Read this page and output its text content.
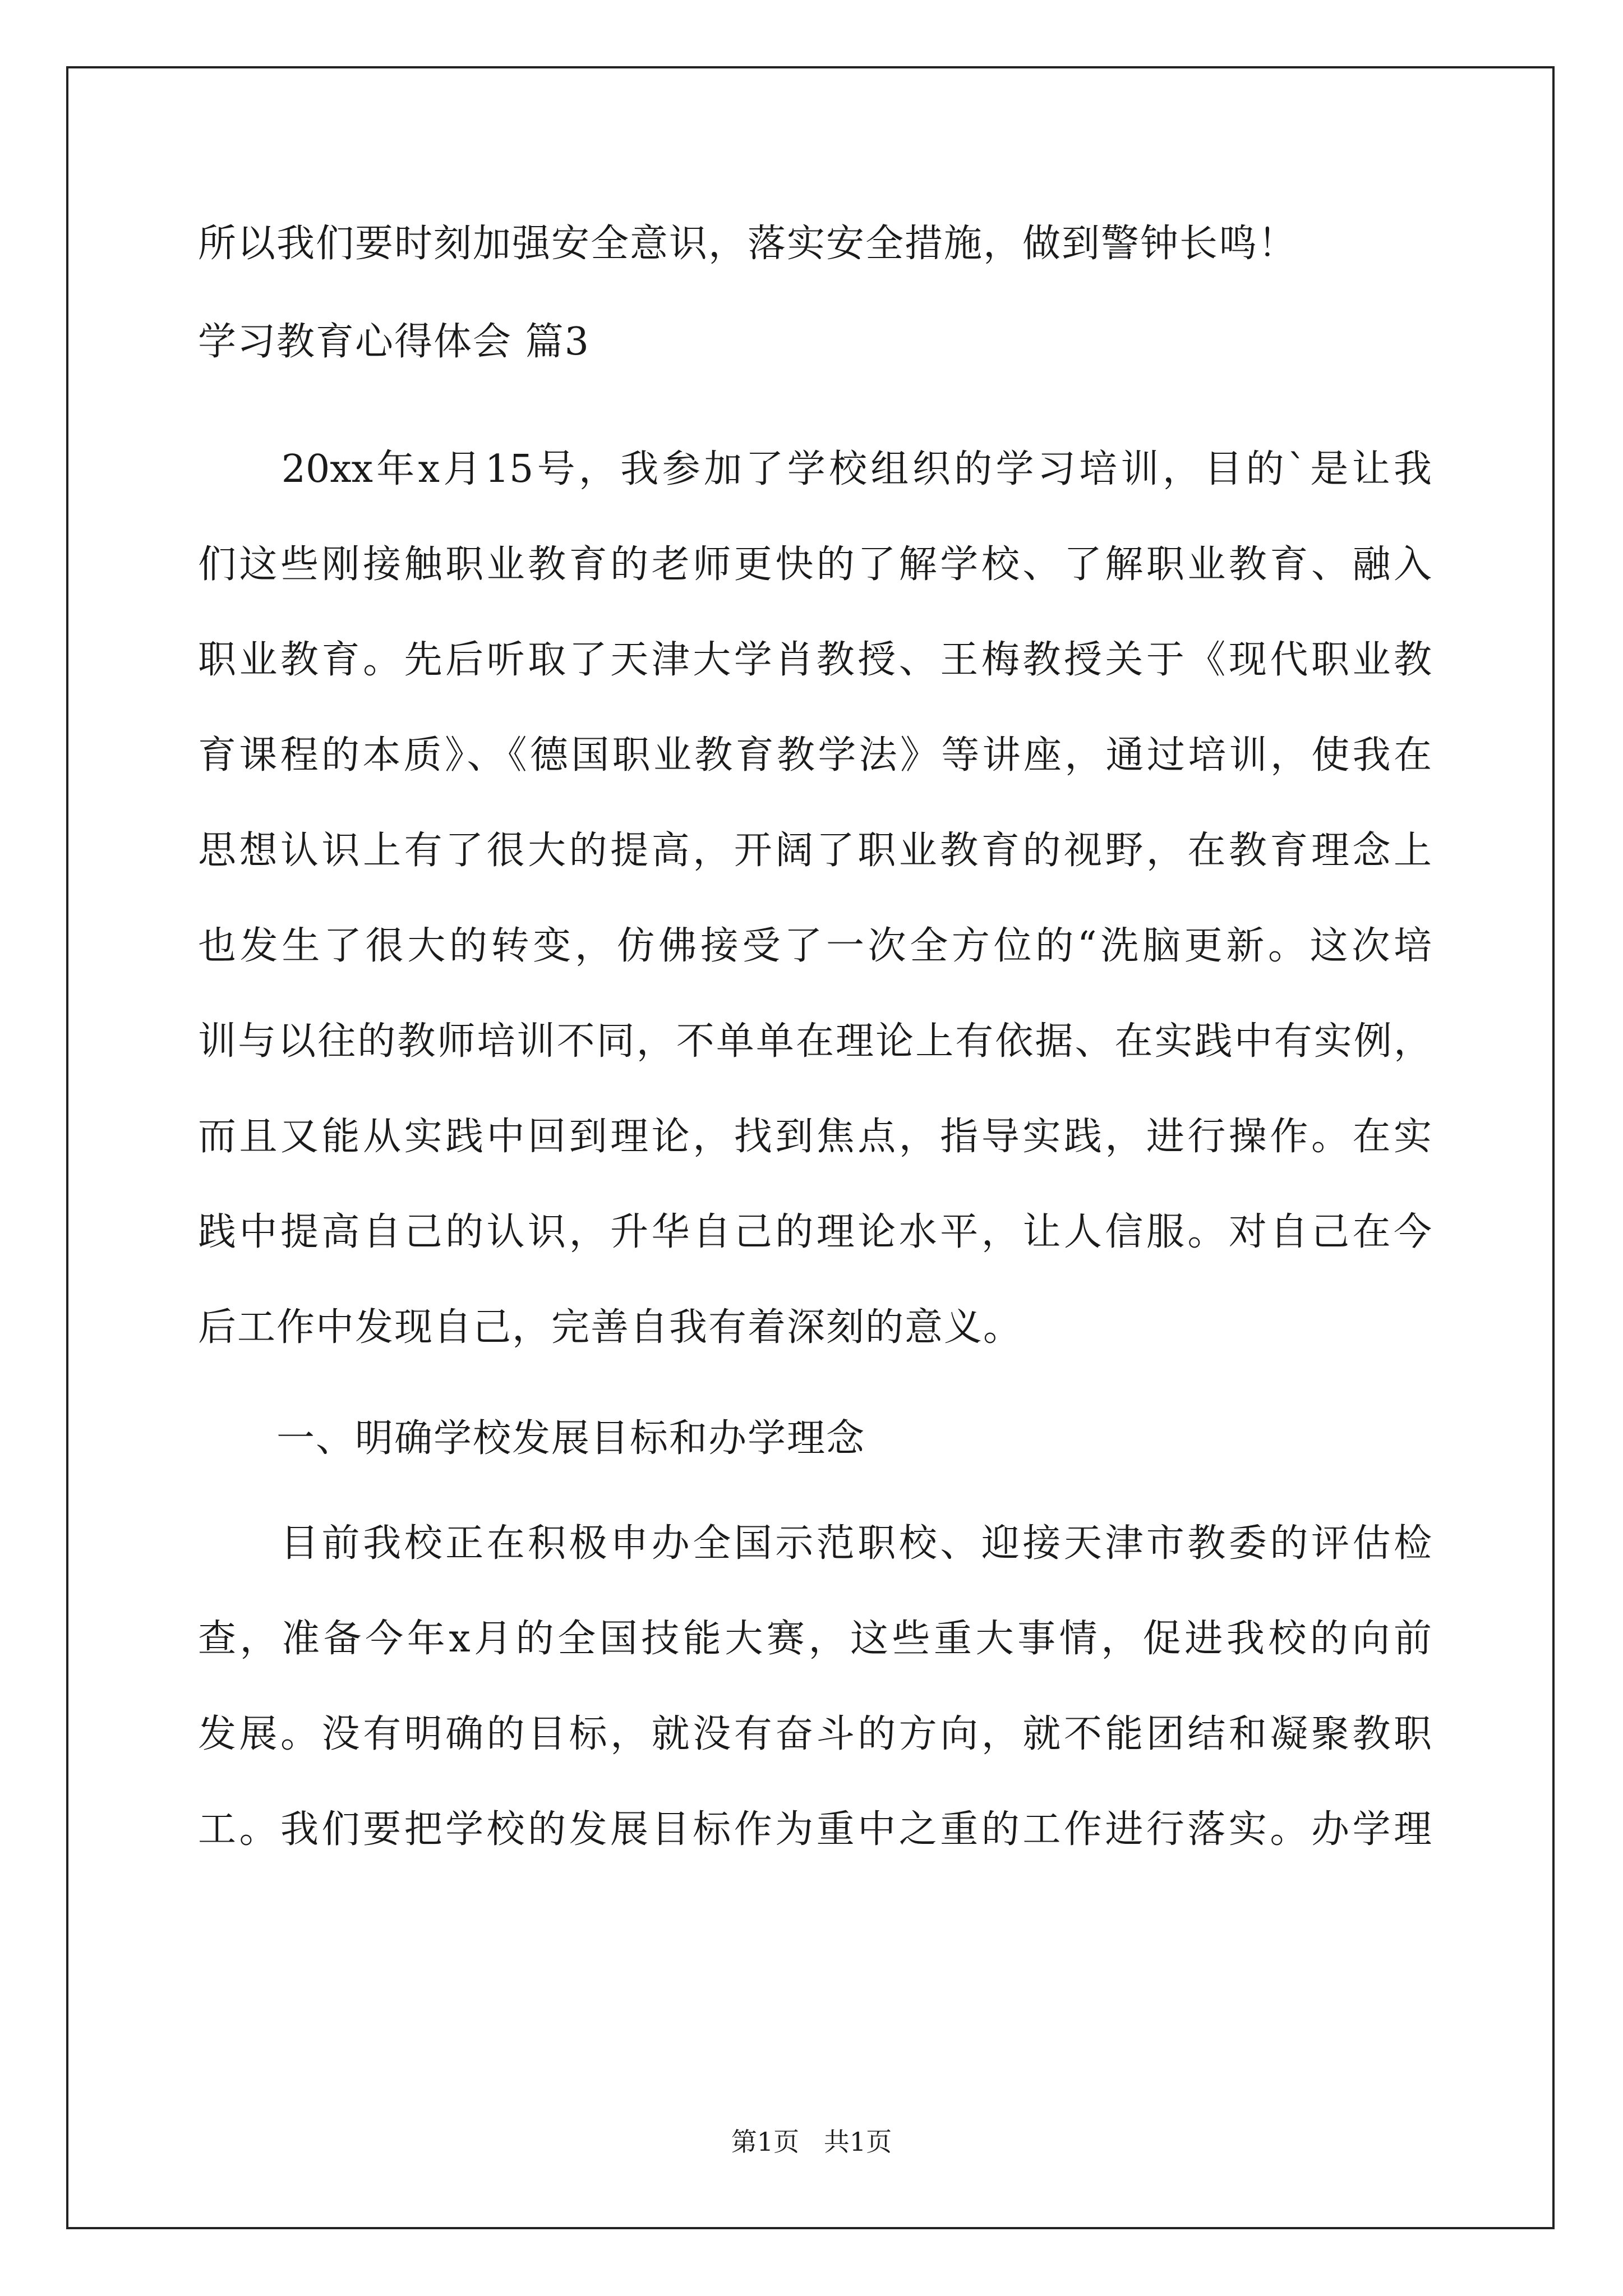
所以我们要时刻加强安全意识，落实安全措施，做到警钟长鸣！
学习教育心得体会 篇3
　　20xx年x月15号，我参加了学校组织的学习培训，目的`是让我
们这些刚接触职业教育的老师更快的了解学校、了解职业教育、融入
职业教育。先后听取了天津大学肖教授、王梅教授关于《现代职业教
育课程的本质》、《德国职业教育教学法》等讲座，通过培训，使我在
思想认识上有了很大的提高，开阔了职业教育的视野，在教育理念上
也发生了很大的转变，仿佛接受了一次全方位的“洗脑更新。这次培
训与以往的教师培训不同，不单单在理论上有依据、在实践中有实例，
而且又能从实践中回到理论，找到焦点，指导实践，进行操作。在实
践中提高自己的认识，升华自己的理论水平，让人信服。对自己在今
后工作中发现自己，完善自我有着深刻的意义。
　　一、明确学校发展目标和办学理念
　　目前我校正在积极申办全国示范职校、迎接天津市教委的评估检
查，准备今年x月的全国技能大赛，这些重大事情，促进我校的向前
发展。没有明确的目标，就没有奋斗的方向，就不能团结和凝聚教职
工。我们要把学校的发展目标作为重中之重的工作进行落实。办学理
第1页   共1页
